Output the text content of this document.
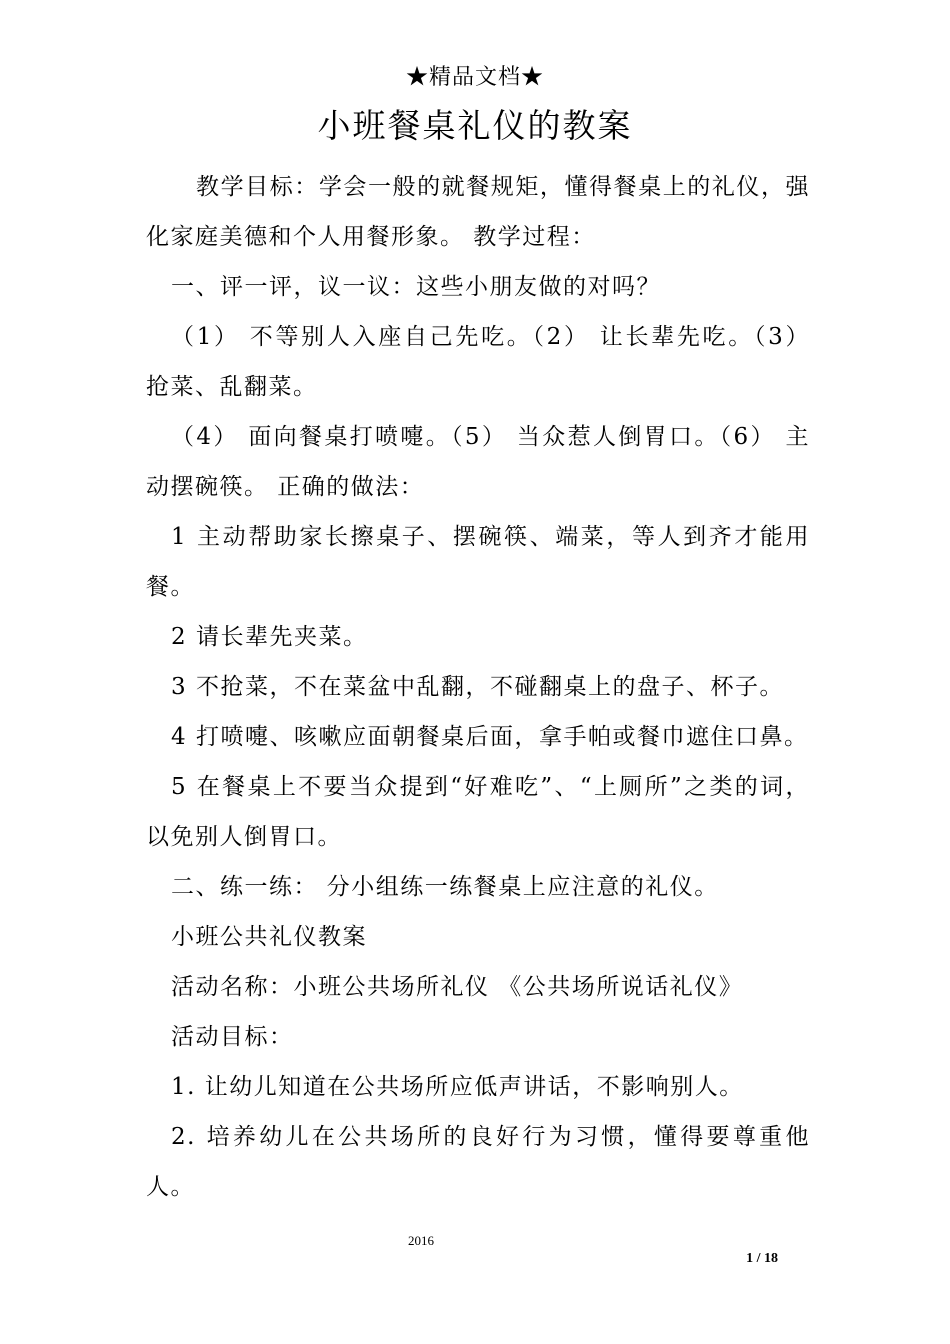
★精品文档★
小班餐桌礼仪的教案

教学目标：学会一般的就餐规矩，懂得餐桌上的礼仪，强化家庭美德和个人用餐形象。 教学过程：

一、评一评，议一议：这些小朋友做的对吗？

（1） 不等别人入座自己先吃。（2） 让长辈先吃。（3） 抢菜、乱翻菜。

（4） 面向餐桌打喷嚏。（5） 当众惹人倒胃口。（6） 主动摆碗筷。 正确的做法：

1 主动帮助家长擦桌子、摆碗筷、端菜，等人到齐才能用餐。

2 请长辈先夹菜。

3 不抢菜，不在菜盆中乱翻，不碰翻桌上的盘子、杯子。

4 打喷嚏、咳嗽应面朝餐桌后面，拿手帕或餐巾遮住口鼻。

5 在餐桌上不要当众提到“好难吃”、“上厕所”之类的词，以免别人倒胃口。

二、练一练： 分小组练一练餐桌上应注意的礼仪。

小班公共礼仪教案

活动名称：小班公共场所礼仪 《公共场所说话礼仪》

活动目标：

1. 让幼儿知道在公共场所应低声讲话，不影响别人。

2. 培养幼儿在公共场所的良好行为习惯，懂得要尊重他人。

2016
1 / 18
